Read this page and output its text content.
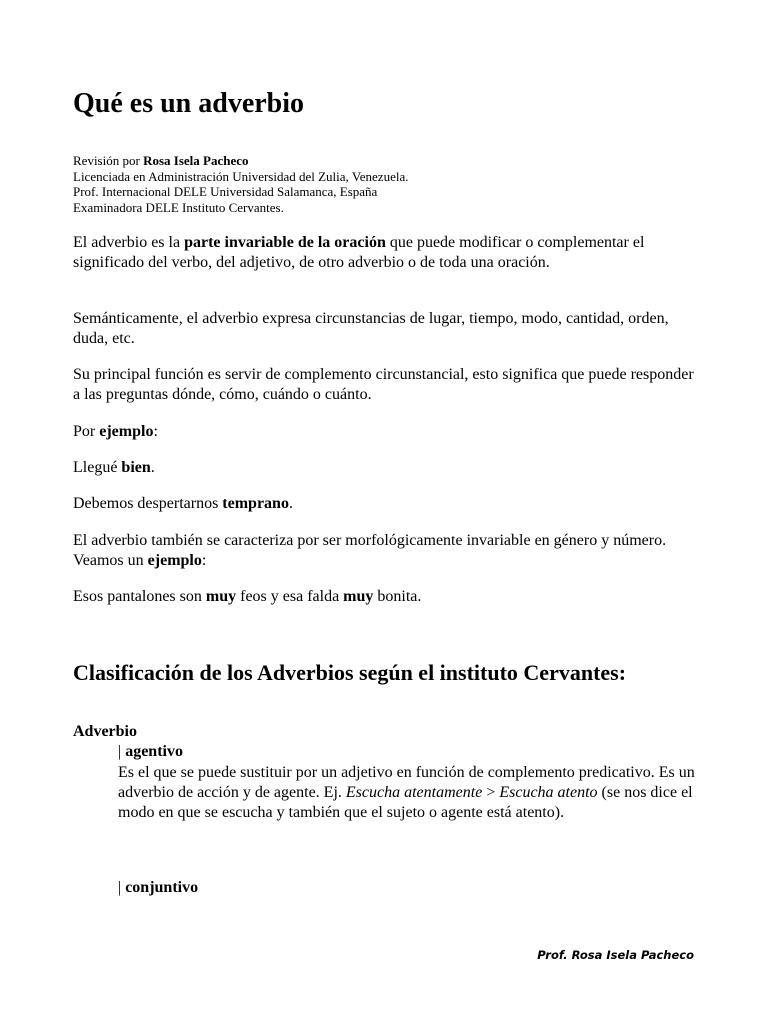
Qué es un adverbio
Revisión por Rosa Isela Pacheco
Licenciada en Administración Universidad del Zulia, Venezuela.
Prof. Internacional DELE Universidad Salamanca, España
Examinadora DELE Instituto Cervantes.

El adverbio es la parte invariable de la oración que puede modificar o complementar el significado del verbo, del adjetivo, de otro adverbio o de toda una oración.

Semánticamente, el adverbio expresa circunstancias de lugar, tiempo, modo, cantidad, orden, duda, etc.

Su principal función es servir de complemento circunstancial, esto significa que puede responder a las preguntas dónde, cómo, cuándo o cuánto.

Por ejemplo:

Llegué bien.

Debemos despertarnos temprano.

El adverbio también se caracteriza por ser morfológicamente invariable en género y número. Veamos un ejemplo:

Esos pantalones son muy feos y esa falda muy bonita.

Clasificación de los Adverbios según el instituto Cervantes:
Adverbio
| agentivo

Es el que se puede sustituir por un adjetivo en función de complemento predicativo. Es un adverbio de acción y de agente. Ej. Escucha atentamente > Escucha atento (se nos dice el modo en que se escucha y también que el sujeto o agente está atento).

| conjuntivo
Prof. Rosa Isela Pacheco
